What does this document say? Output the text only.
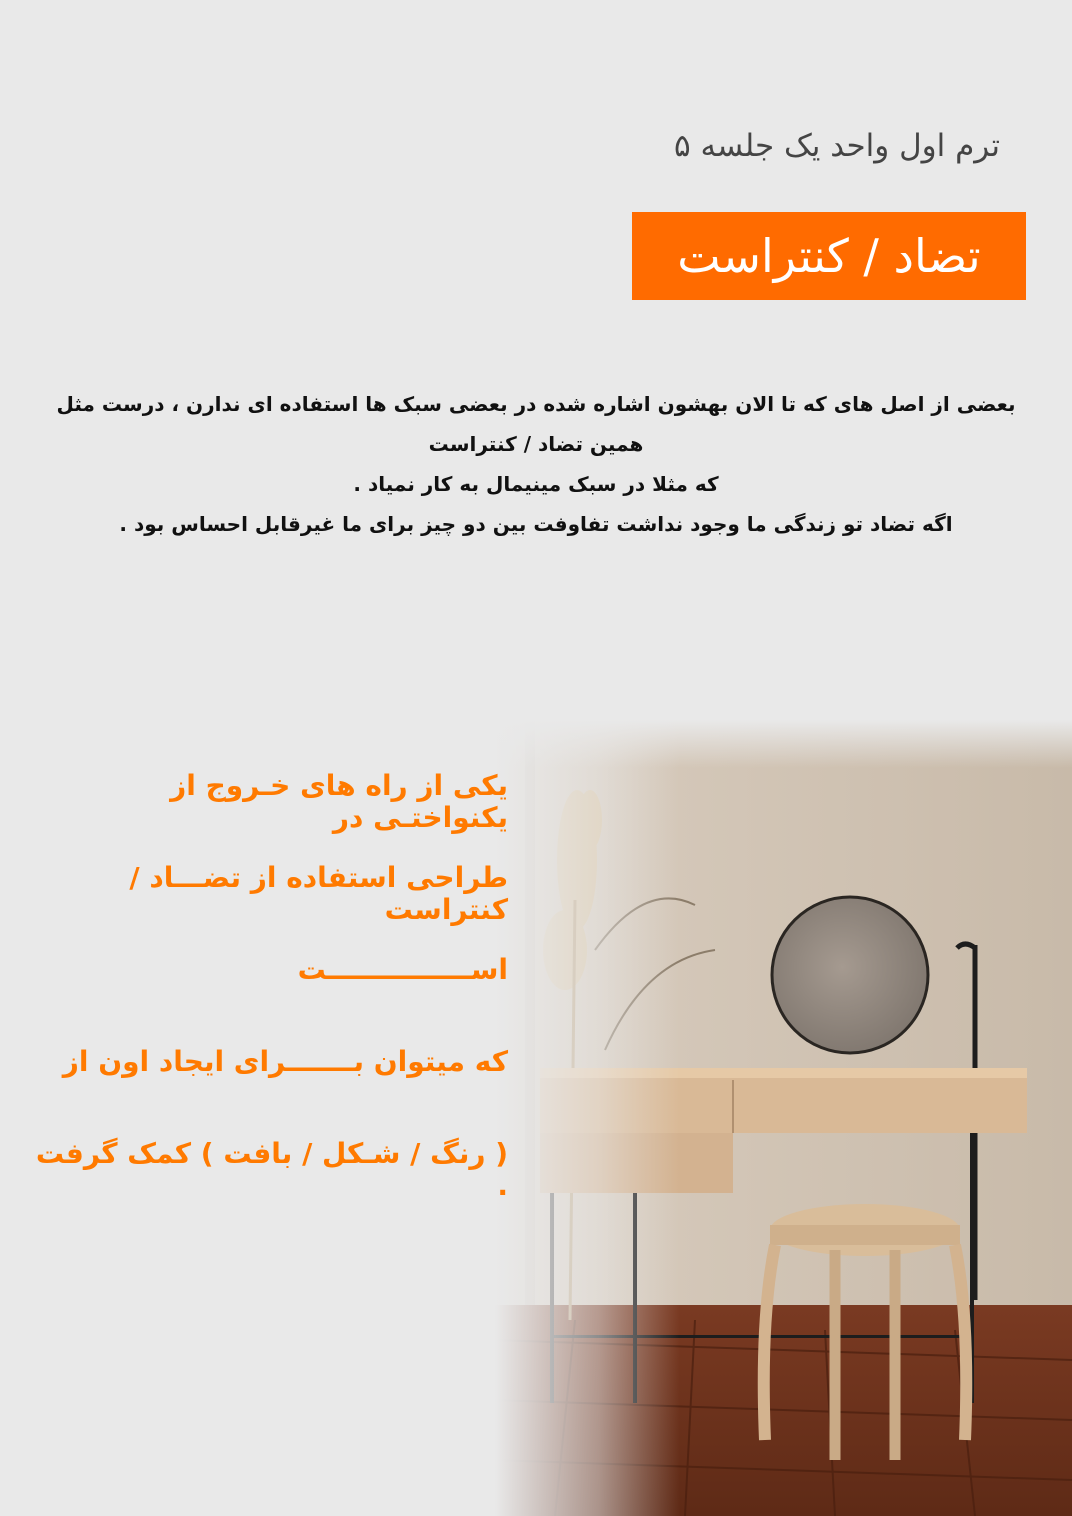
ترم اول واحد یک جلسه ۵
تضاد / کنتراست

بعضی از اصل های که تا الان بهشون اشاره شده در بعضی سبک ها استفاده ای ندارن ، درست مثل

همین تضاد / کنتراست

که مثلا در سبک مینیمال به کار نمیاد .

اگه تضاد تو زندگی ما وجود نداشت تفاوفت بین دو چیز برای ما غیرقابل احساس بود .

یکی از راه های خـروج از یکنواختـی در

طراحی استفاده از تضـــاد / کنتراست

اســـــــــــــــت

که میتوان بـــــــرای ایجاد اون از

( رنگ / شـکل / بافت ) کمک گرفت .
